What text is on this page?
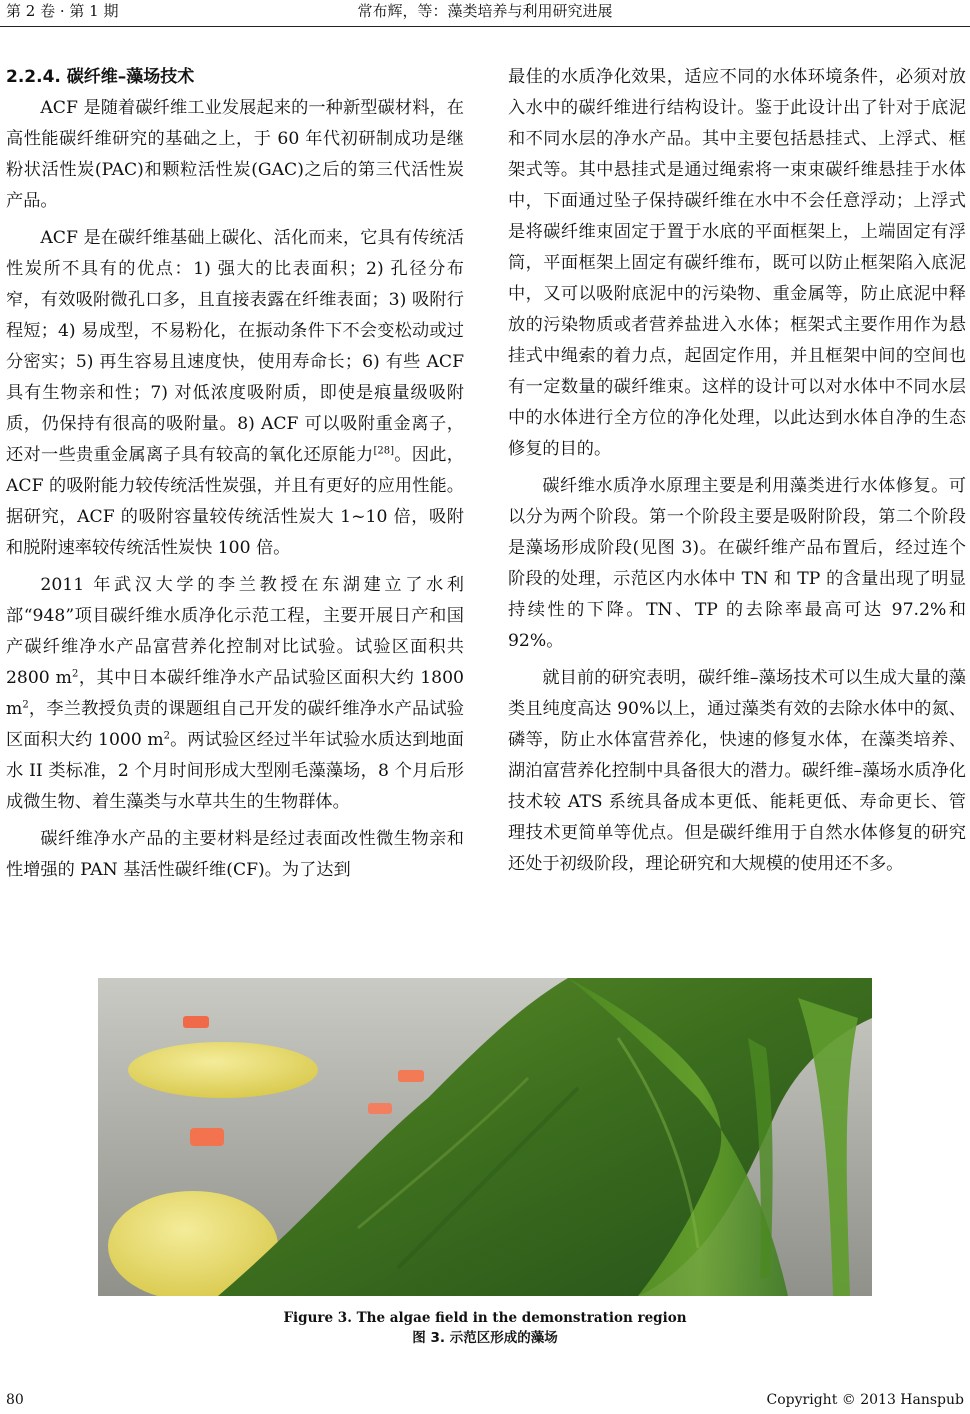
第 2 卷 · 第 1 期	常布辉，等：藻类培养与利用研究进展

2.2.4. 碳纤维–藻场技术

ACF 是随着碳纤维工业发展起来的一种新型碳材料，在高性能碳纤维研究的基础之上，于 60 年代初研制成功是继粉状活性炭(PAC)和颗粒活性炭(GAC)之后的第三代活性炭产品。

ACF 是在碳纤维基础上碳化、活化而来，它具有传统活性炭所不具有的优点：1) 强大的比表面积；2) 孔径分布窄，有效吸附微孔口多，且直接表露在纤维表面；3) 吸附行程短；4) 易成型，不易粉化，在振动条件下不会变松动或过分密实；5) 再生容易且速度快，使用寿命长；6) 有些 ACF 具有生物亲和性；7) 对低浓度吸附质，即使是痕量级吸附质，仍保持有很高的吸附量。8) ACF 可以吸附重金离子，还对一些贵重金属离子具有较高的氧化还原能力[28]。因此，ACF 的吸附能力较传统活性炭强，并且有更好的应用性能。据研究，ACF 的吸附容量较传统活性炭大 1~10 倍，吸附和脱附速率较传统活性炭快 100 倍。

2011 年武汉大学的李兰教授在东湖建立了水利部“948”项目碳纤维水质净化示范工程，主要开展日产和国产碳纤维净水产品富营养化控制对比试验。试验区面积共 2800 $m^2$，其中日本碳纤维净水产品试验区面积大约 1800 $m^2$，李兰教授负责的课题组自己开发的碳纤维净水产品试验区面积大约 1000 $m^2$。两试验区经过半年试验水质达到地面水 II 类标准，2 个月时间形成大型刚毛藻藻场，8 个月后形成微生物、着生藻类与水草共生的生物群体。

碳纤维净水产品的主要材料是经过表面改性微生物亲和性增强的 PAN 基活性碳纤维(CF)。为了达到

最佳的水质净化效果，适应不同的水体环境条件，必须对放入水中的碳纤维进行结构设计。鉴于此设计出了针对于底泥和不同水层的净水产品。其中主要包括悬挂式、上浮式、框架式等。其中悬挂式是通过绳索将一束束碳纤维悬挂于水体中，下面通过坠子保持碳纤维在水中不会任意浮动；上浮式是将碳纤维束固定于置于水底的平面框架上，上端固定有浮筒，平面框架上固定有碳纤维布，既可以防止框架陷入底泥中，又可以吸附底泥中的污染物、重金属等，防止底泥中释放的污染物质或者营养盐进入水体；框架式主要作用作为悬挂式中绳索的着力点，起固定作用，并且框架中间的空间也有一定数量的碳纤维束。这样的设计可以对水体中不同水层中的水体进行全方位的净化处理，以此达到水体自净的生态修复的目的。

碳纤维水质净水原理主要是利用藻类进行水体修复。可以分为两个阶段。第一个阶段主要是吸附阶段，第二个阶段是藻场形成阶段(见图 3)。在碳纤维产品布置后，经过连个阶段的处理，示范区内水体中 TN 和 TP 的含量出现了明显持续性的下降。TN、TP 的去除率最高可达 97.2%和 92%。

就目前的研究表明，碳纤维–藻场技术可以生成大量的藻类且纯度高达 90%以上，通过藻类有效的去除水体中的氮、磷等，防止水体富营养化，快速的修复水体，在藻类培养、湖泊富营养化控制中具备很大的潜力。碳纤维–藻场水质净化技术较 ATS 系统具备成本更低、能耗更低、寿命更长、管理技术更简单等优点。但是碳纤维用于自然水体修复的研究还处于初级阶段，理论研究和大规模的使用还不多。

Figure 3. The algae field in the demonstration region
图 3. 示范区形成的藻场
80	Copyright © 2013 Hanspub
